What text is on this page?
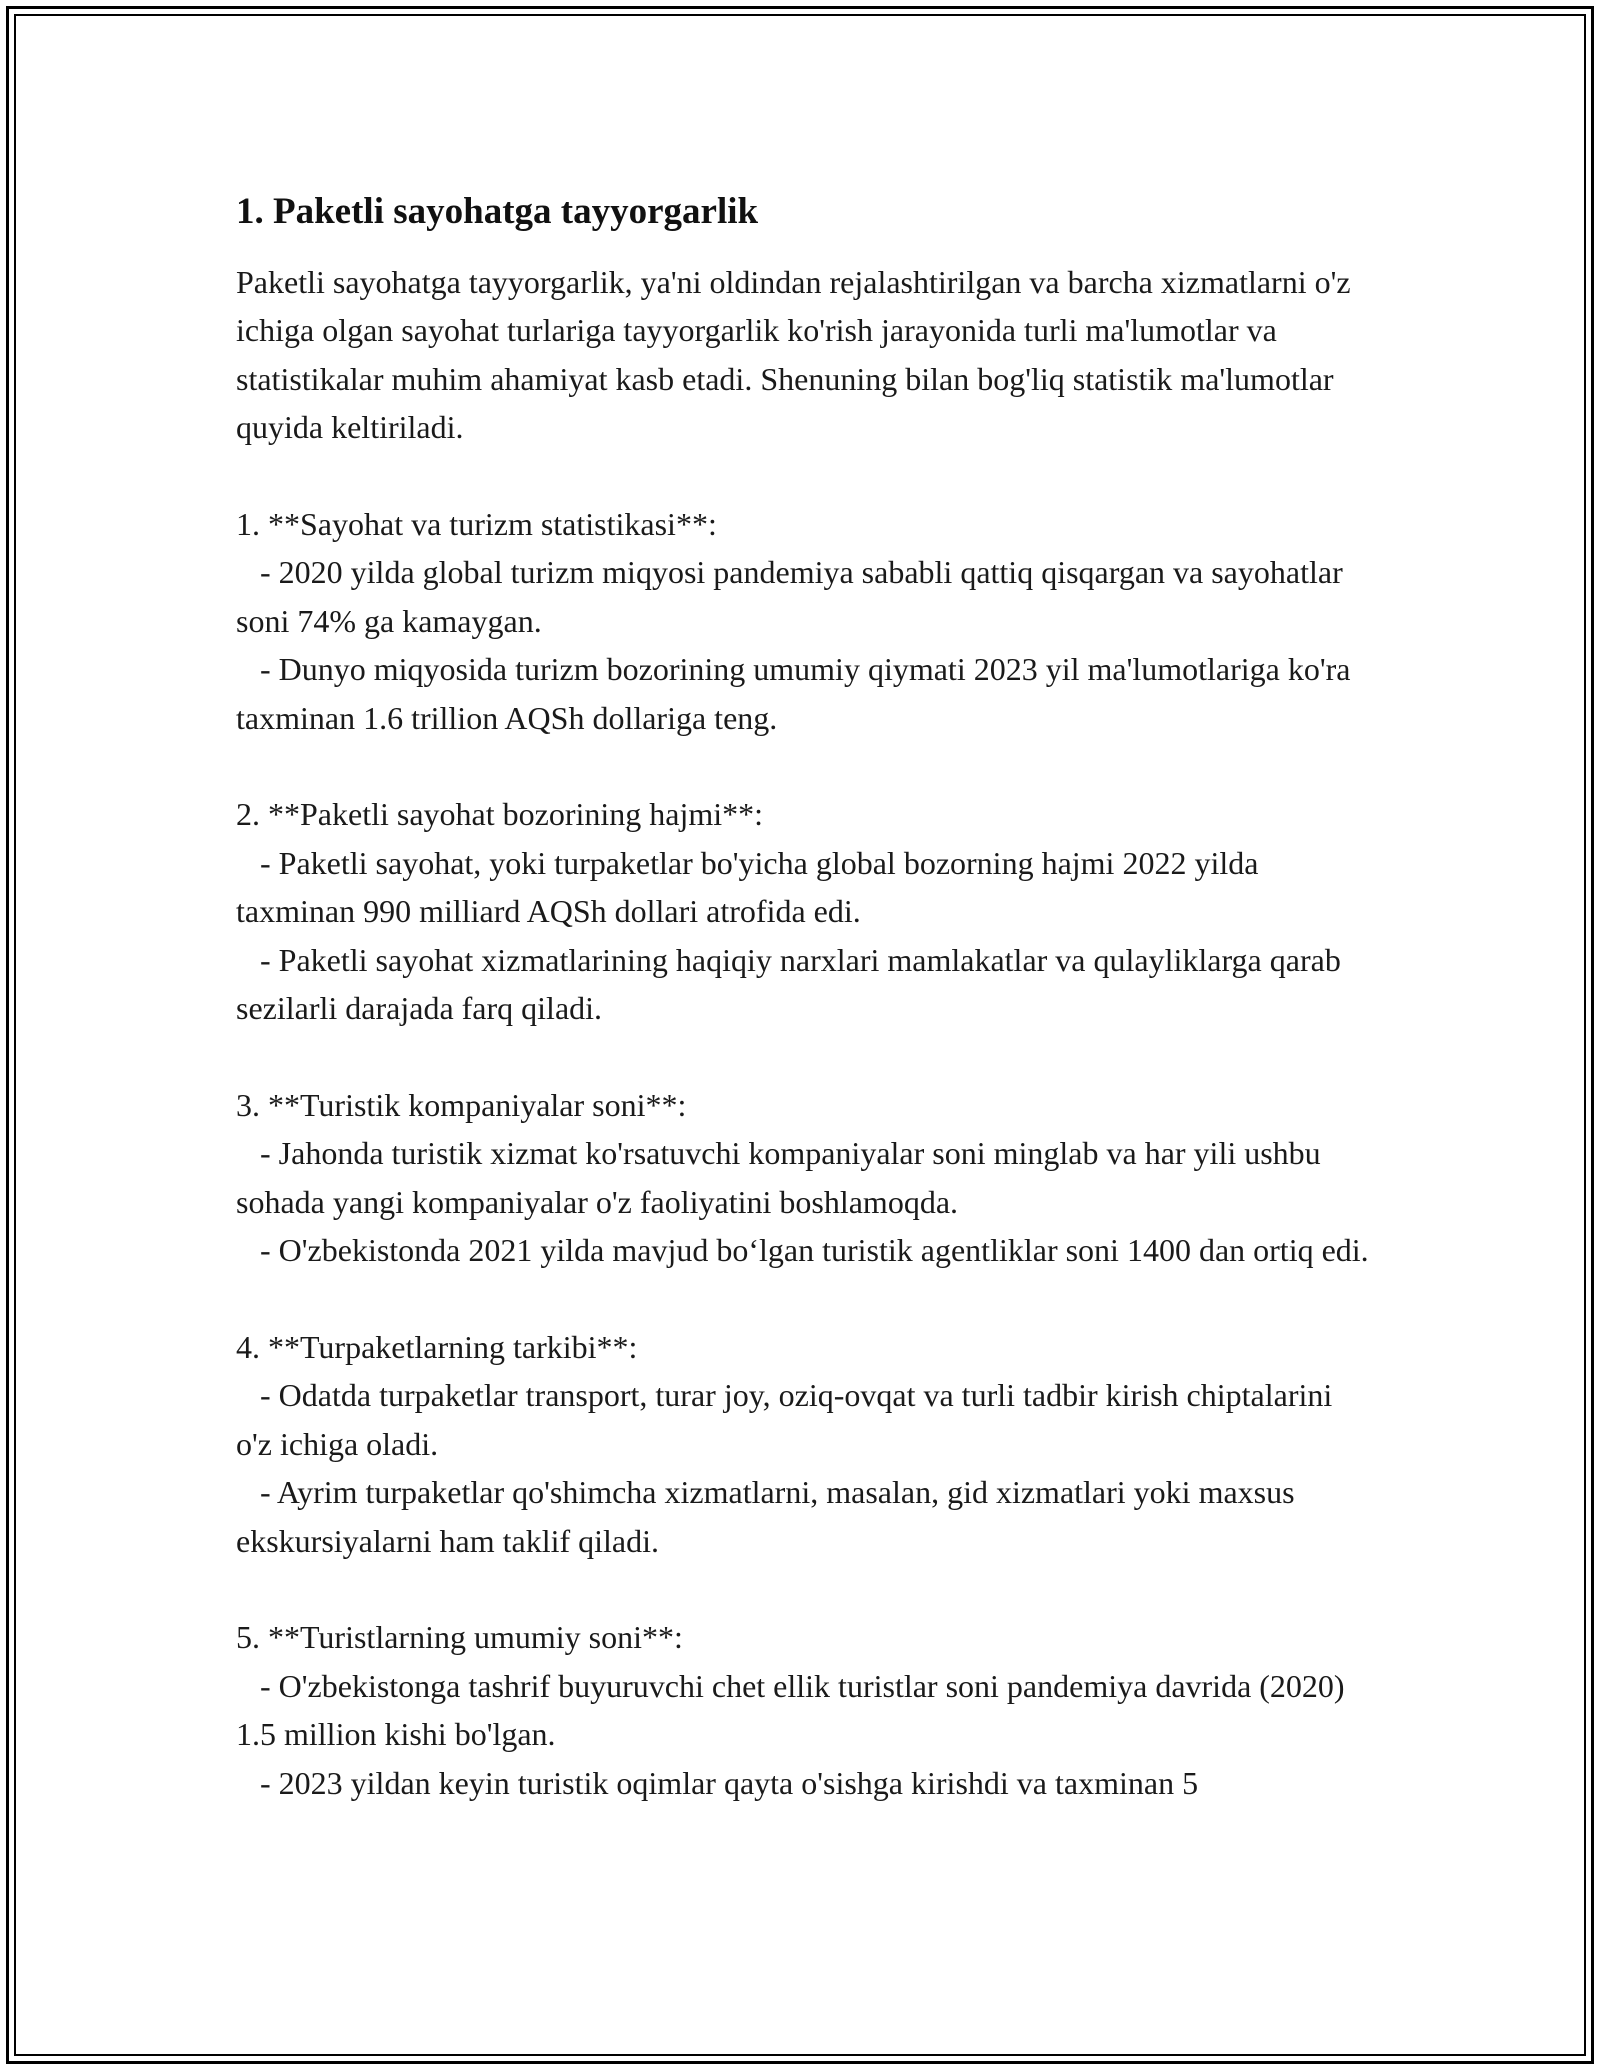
1. Paketli sayohatga tayyorgarlik

Paketli sayohatga tayyorgarlik, ya'ni oldindan rejalashtirilgan va barcha xizmatlarni o'z ichiga olgan sayohat turlariga tayyorgarlik ko'rish jarayonida turli ma'lumotlar va statistikalar muhim ahamiyat kasb etadi. Shenuning bilan bog'liq statistik ma'lumotlar quyida keltiriladi.

1. **Sayohat va turizm statistikasi**:

- 2020 yilda global turizm miqyosi pandemiya sababli qattiq qisqargan va sayohatlar soni 74% ga kamaygan.

- Dunyo miqyosida turizm bozorining umumiy qiymati 2023 yil ma'lumotlariga ko'ra taxminan 1.6 trillion AQSh dollariga teng.

2. **Paketli sayohat bozorining hajmi**:

- Paketli sayohat, yoki turpaketlar bo'yicha global bozorning hajmi 2022 yilda taxminan 990 milliard AQSh dollari atrofida edi.

- Paketli sayohat xizmatlarining haqiqiy narxlari mamlakatlar va qulayliklarga qarab sezilarli darajada farq qiladi.

3. **Turistik kompaniyalar soni**:

- Jahonda turistik xizmat ko'rsatuvchi kompaniyalar soni minglab va har yili ushbu sohada yangi kompaniyalar o'z faoliyatini boshlamoqda.

- O'zbekistonda 2021 yilda mavjud bo‘lgan turistik agentliklar soni 1400 dan ortiq edi.

4. **Turpaketlarning tarkibi**:

- Odatda turpaketlar transport, turar joy, oziq-ovqat va turli tadbir kirish chiptalarini o'z ichiga oladi.

- Ayrim turpaketlar qo'shimcha xizmatlarni, masalan, gid xizmatlari yoki maxsus ekskursiyalarni ham taklif qiladi.

5. **Turistlarning umumiy soni**:

- O'zbekistonga tashrif buyuruvchi chet ellik turistlar soni pandemiya davrida (2020) 1.5 million kishi bo'lgan.

- 2023 yildan keyin turistik oqimlar qayta o'sishga kirishdi va taxminan 5
